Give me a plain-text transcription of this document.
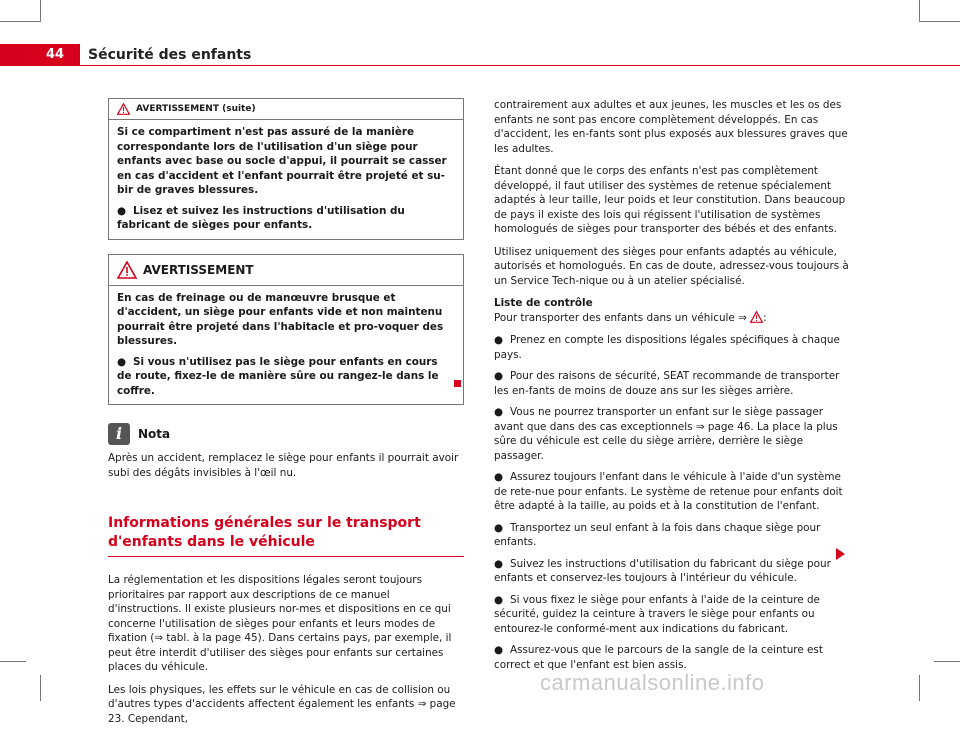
44	Sécurité des enfants
AVERTISSEMENT (suite)

Si ce compartiment n'est pas assuré de la manière correspondante lors de l'utilisation d'un siège pour enfants avec base ou socle d'appui, il pourrait se casser en cas d'accident et l'enfant pourrait être projeté et su-bir de graves blessures.

● Lisez et suivez les instructions d'utilisation du fabricant de sièges pour enfants.

AVERTISSEMENT

En cas de freinage ou de manœuvre brusque et d'accident, un siège pour enfants vide et non maintenu pourrait être projeté dans l'habitacle et pro-voquer des blessures.

● Si vous n'utilisez pas le siège pour enfants en cours de route, fixez-le de manière sûre ou rangez-le dans le coffre.

i	Nota

Après un accident, remplacez le siège pour enfants il pourrait avoir subi des dégâts invisibles à l'œil nu.

Informations générales sur le transport d'enfants dans le véhicule

La réglementation et les dispositions légales seront toujours prioritaires par rapport aux descriptions de ce manuel d'instructions. Il existe plusieurs nor-mes et dispositions en ce qui concerne l'utilisation de sièges pour enfants et leurs modes de fixation (⇒ tabl. à la page 45). Dans certains pays, par exemple, il peut être interdit d'utiliser des sièges pour enfants sur certaines places du véhicule.

Les lois physiques, les effets sur le véhicule en cas de collision ou d'autres types d'accidents affectent également les enfants ⇒ page 23. Cependant,

contrairement aux adultes et aux jeunes, les muscles et les os des enfants ne sont pas encore complètement développés. En cas d'accident, les en-fants sont plus exposés aux blessures graves que les adultes.

Étant donné que le corps des enfants n'est pas complètement développé, il faut utiliser des systèmes de retenue spécialement adaptés à leur taille, leur poids et leur constitution. Dans beaucoup de pays il existe des lois qui régissent l'utilisation de systèmes homologués de sièges pour transporter des bébés et des enfants.

Utilisez uniquement des sièges pour enfants adaptés au véhicule, autorisés et homologués. En cas de doute, adressez-vous toujours à un Service Tech-nique ou à un atelier spécialisé.

Liste de contrôle

Pour transporter des enfants dans un véhicule ⇒ :

● Prenez en compte les dispositions légales spécifiques à chaque pays.
● Pour des raisons de sécurité, SEAT recommande de transporter les en-fants de moins de douze ans sur les sièges arrière.
● Vous ne pourrez transporter un enfant sur le siège passager avant que dans des cas exceptionnels ⇒ page 46. La place la plus sûre du véhicule est celle du siège arrière, derrière le siège passager.
● Assurez toujours l'enfant dans le véhicule à l'aide d'un système de rete-nue pour enfants. Le système de retenue pour enfants doit être adapté à la taille, au poids et à la constitution de l'enfant.
● Transportez un seul enfant à la fois dans chaque siège pour enfants.
● Suivez les instructions d'utilisation du fabricant du siège pour enfants et conservez-les toujours à l'intérieur du véhicule.
● Si vous fixez le siège pour enfants à l'aide de la ceinture de sécurité, guidez la ceinture à travers le siège pour enfants ou entourez-le conformé-ment aux indications du fabricant.
● Assurez-vous que le parcours de la sangle de la ceinture est correct et que l'enfant est bien assis.
carmanualsonline.info
